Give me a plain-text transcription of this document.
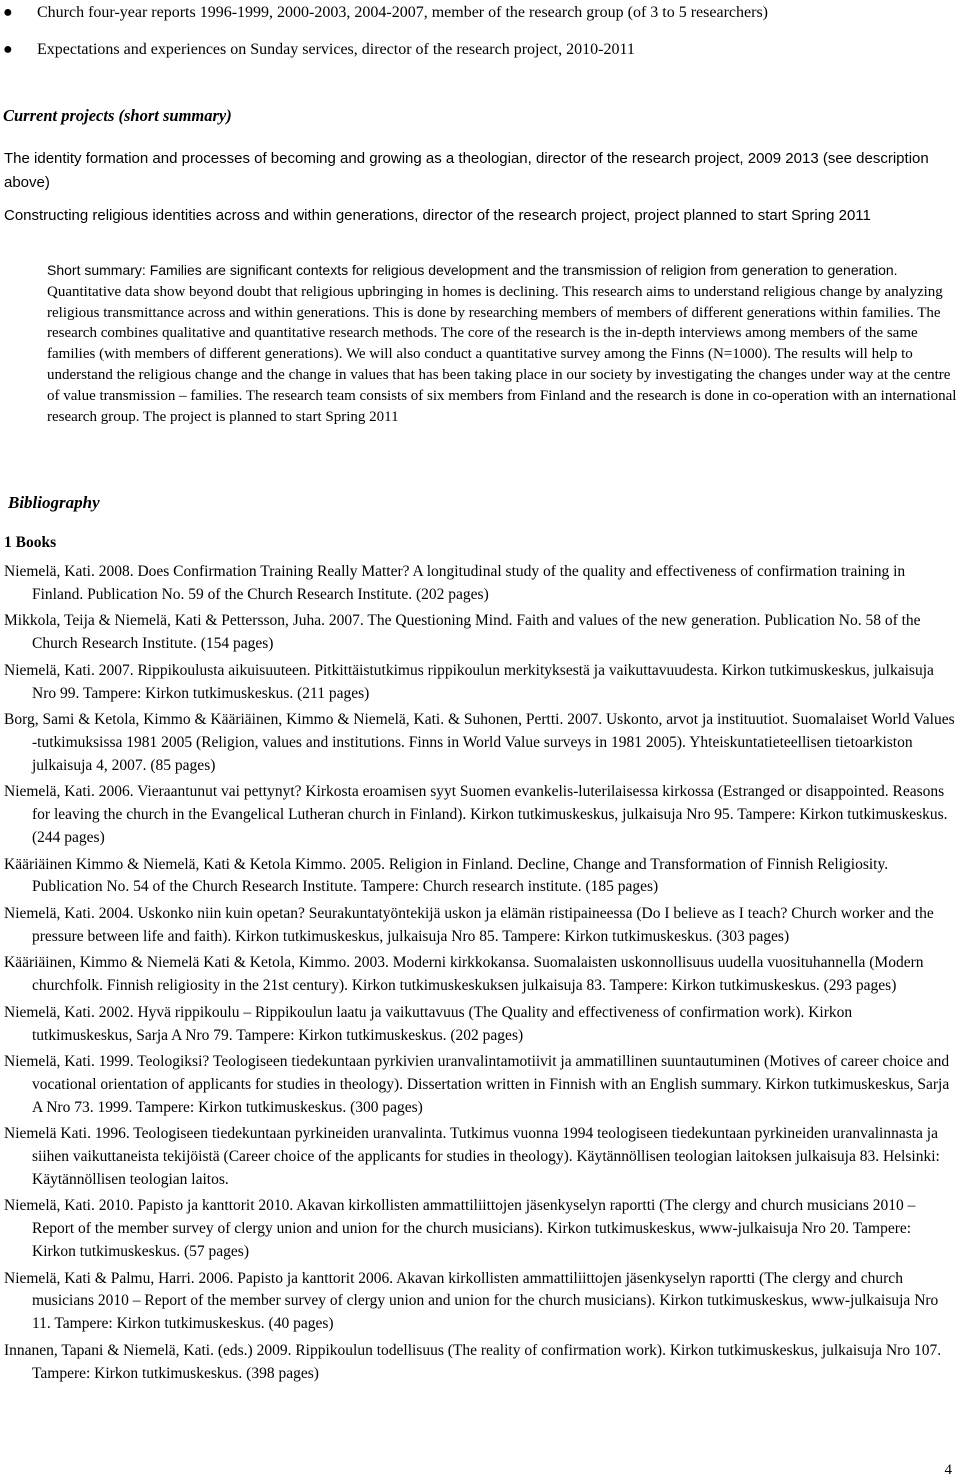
● Church four-year reports 1996-1999, 2000-2003, 2004-2007, member of the research group (of 3 to 5 researchers)
● Expectations and experiences on Sunday services, director of the research project, 2010-2011
Current projects (short summary)
The identity formation and processes of becoming and growing as a theologian, director of the research project, 2009 2013 (see description above)
Constructing religious identities across and within generations, director of the research project, project planned to start Spring 2011
Short summary: Families are significant contexts for religious development and the transmission of religion from generation to generation. Quantitative data show beyond doubt that religious upbringing in homes is declining. This research aims to understand religious change by analyzing religious transmittance across and within generations. This is done by researching members of members of different generations within families. The research combines qualitative and quantitative research methods. The core of the research is the in-depth interviews among members of the same families (with members of different generations). We will also conduct a quantitative survey among the Finns (N=1000). The results will help to understand the religious change and the change in values that has been taking place in our society by investigating the changes under way at the centre of value transmission – families. The research team consists of six members from Finland and the research is done in co-operation with an international research group. The project is planned to start Spring 2011
Bibliography
1 Books
Niemelä, Kati. 2008. Does Confirmation Training Really Matter? A longitudinal study of the quality and effectiveness of confirmation training in Finland. Publication No. 59 of the Church Research Institute. (202 pages)
Mikkola, Teija & Niemelä, Kati & Pettersson, Juha. 2007. The Questioning Mind. Faith and values of the new generation. Publication No. 58 of the Church Research Institute. (154 pages)
Niemelä, Kati. 2007. Rippikoulusta aikuisuuteen. Pitkittäistutkimus rippikoulun merkityksestä ja vaikuttavuudesta. Kirkon tutkimuskeskus, julkaisuja Nro 99. Tampere: Kirkon tutkimuskeskus. (211 pages)
Borg, Sami & Ketola, Kimmo & Kääriäinen, Kimmo & Niemelä, Kati. & Suhonen, Pertti. 2007. Uskonto, arvot ja instituutiot. Suomalaiset World Values -tutkimuksissa 1981 2005 (Religion, values and institutions. Finns in World Value surveys in 1981 2005). Yhteiskuntatieteellisen tietoarkiston julkaisuja 4, 2007. (85 pages)
Niemelä, Kati. 2006. Vieraantunut vai pettynyt? Kirkosta eroamisen syyt Suomen evankelis-luterilaisessa kirkossa (Estranged or disappointed. Reasons for leaving the church in the Evangelical Lutheran church in Finland). Kirkon tutkimuskeskus, julkaisuja Nro 95. Tampere: Kirkon tutkimuskeskus. (244 pages)
Kääriäinen Kimmo & Niemelä, Kati & Ketola Kimmo. 2005. Religion in Finland. Decline, Change and Transformation of Finnish Religiosity. Publication No. 54 of the Church Research Institute. Tampere: Church research institute. (185 pages)
Niemelä, Kati. 2004. Uskonko niin kuin opetan? Seurakuntatyöntekijä uskon ja elämän ristipaineessa (Do I believe as I teach? Church worker and the pressure between life and faith). Kirkon tutkimuskeskus, julkaisuja Nro 85. Tampere: Kirkon tutkimuskeskus. (303 pages)
Kääriäinen, Kimmo & Niemelä Kati & Ketola, Kimmo. 2003. Moderni kirkkokansa. Suomalaisten uskonnollisuus uudella vuosituhannella (Modern churchfolk. Finnish religiosity in the 21st century). Kirkon tutkimuskeskuksen julkaisuja 83. Tampere: Kirkon tutkimuskeskus. (293 pages)
Niemelä, Kati. 2002. Hyvä rippikoulu – Rippikoulun laatu ja vaikuttavuus (The Quality and effectiveness of confirmation work). Kirkon tutkimuskeskus, Sarja A Nro 79. Tampere: Kirkon tutkimuskeskus. (202 pages)
Niemelä, Kati. 1999. Teologiksi? Teologiseen tiedekuntaan pyrkivien uranvalintamotiivit ja ammatillinen suuntautuminen (Motives of career choice and vocational orientation of applicants for studies in theology). Dissertation written in Finnish with an English summary. Kirkon tutkimuskeskus, Sarja A Nro 73. 1999. Tampere: Kirkon tutkimuskeskus. (300 pages)
Niemelä Kati. 1996. Teologiseen tiedekuntaan pyrkineiden uranvalinta. Tutkimus vuonna 1994 teologiseen tiedekuntaan pyrkineiden uranvalinnasta ja siihen vaikuttaneista tekijöistä (Career choice of the applicants for studies in theology). Käytännöllisen teologian laitoksen julkaisuja 83. Helsinki: Käytännöllisen teologian laitos.
Niemelä, Kati. 2010. Papisto ja kanttorit 2010. Akavan kirkollisten ammattiliittojen jäsenkyselyn raportti (The clergy and church musicians 2010 – Report of the member survey of clergy union and union for the church musicians). Kirkon tutkimuskeskus, www-julkaisuja Nro 20. Tampere: Kirkon tutkimuskeskus. (57 pages)
Niemelä, Kati & Palmu, Harri. 2006. Papisto ja kanttorit 2006. Akavan kirkollisten ammattiliittojen jäsenkyselyn raportti (The clergy and church musicians 2010 – Report of the member survey of clergy union and union for the church musicians). Kirkon tutkimuskeskus, www-julkaisuja Nro 11. Tampere: Kirkon tutkimuskeskus. (40 pages)
Innanen, Tapani & Niemelä, Kati. (eds.) 2009. Rippikoulun todellisuus (The reality of confirmation work). Kirkon tutkimuskeskus, julkaisuja Nro 107. Tampere: Kirkon tutkimuskeskus. (398 pages)
4
